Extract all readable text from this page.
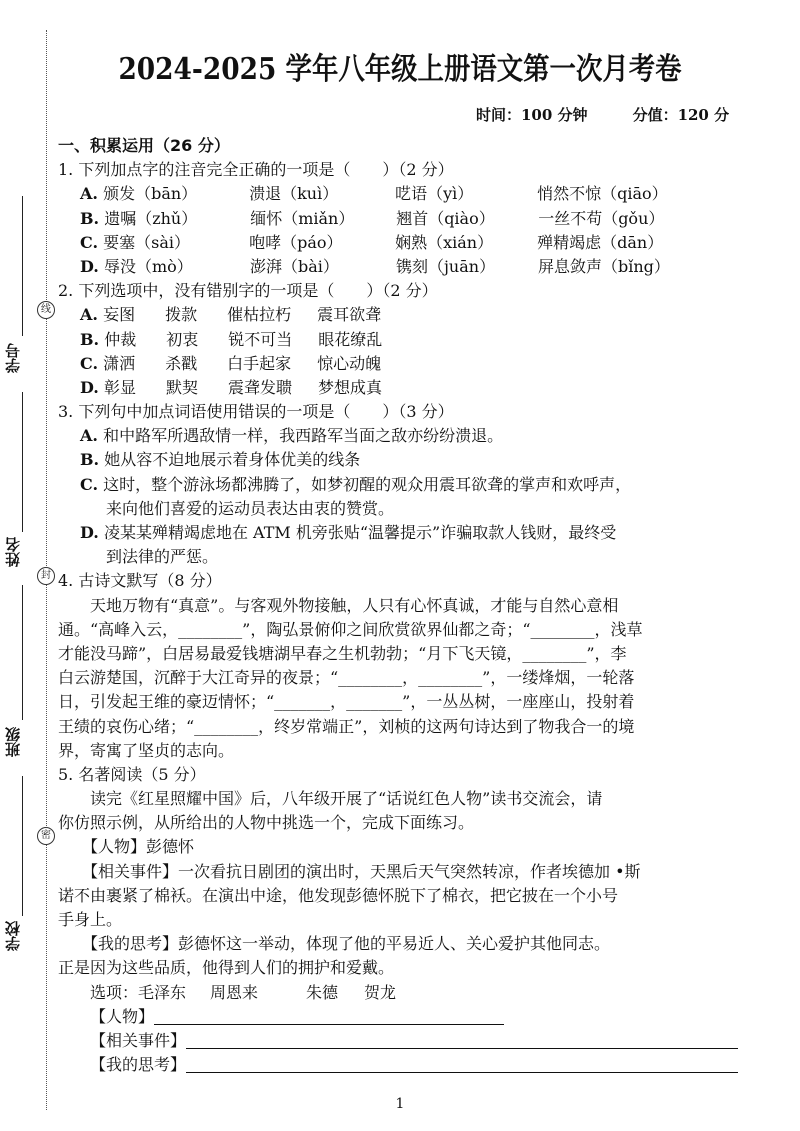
线
封
密
学号
姓名
班级
学校
2024-2025 学年八年级上册语文第一次月考卷
时间：100 分钟　　　	分值：120 分
一、积累运用（26 分）
1. 下列加点字的注音完全正确的一项是（　　）（2 分）
A. 颁发（bān）	溃退（kuì）	呓语（yì）	悄然不惊（qiāo）
B. 遗嘱（zhǔ）	缅怀（miǎn）	翘首（qiào）	一丝不苟（gǒu）
C. 要塞（sài）	咆哮（páo）	娴熟（xián）	殚精竭虑（dān）
D. 辱没（mò）	澎湃（bài）	镌刻（juān）	屏息敛声（bǐng）
2. 下列选项中，没有错别字的一项是（　　）（2 分）
A. 妄图 拨款 催枯拉朽 震耳欲聋
B. 仲裁 初衷 锐不可当 眼花缭乱
C. 潇洒 杀戳 白手起家 惊心动魄
D. 彰显 默契 震聋发聩 梦想成真
3. 下列句中加点词语使用错误的一项是（　　）（3 分）
A. 和中路军所遇敌情一样，我西路军当面之敌亦纷纷溃退。
B. 她从容不迫地展示着身体优美的线条
C. 这时，整个游泳场都沸腾了，如梦初醒的观众用震耳欲聋的掌声和欢呼声，
来向他们喜爱的运动员表达由衷的赞赏。
D. 凌某某殚精竭虑地在 ATM 机旁张贴“温馨提示”诈骗取款人钱财，最终受
到法律的严惩。
4. 古诗文默写（8 分）
　　天地万物有“真意”。与客观外物接触，人只有心怀真诚，才能与自然心意相
通。“高峰入云，________”，陶弘景俯仰之间欣赏欲界仙都之奇；“________，浅草
才能没马蹄”，白居易最爱钱塘湖早春之生机勃勃；“月下飞天镜，________”，李
白云游楚国，沉醉于大江奇异的夜景；“________，________”，一缕烽烟，一轮落
日，引发起王维的豪迈情怀；“_______，_______”，一丛丛树，一座座山，投射着
王绩的哀伤心绪；“________，终岁常端正”，刘桢的这两句诗达到了物我合一的境
界，寄寓了坚贞的志向。
5. 名著阅读（5 分）
　　读完《红星照耀中国》后，八年级开展了“话说红色人物”读书交流会，请
你仿照示例，从所给出的人物中挑选一个，完成下面练习。
　　【人物】彭德怀
　　【相关事件】一次看抗日剧团的演出时，天黑后天气突然转凉，作者埃德加 •斯
诺不由裹紧了棉袄。在演出中途，他发现彭德怀脱下了棉衣，把它披在一个小号
手身上。
　　【我的思考】彭德怀这一举动，体现了他的平易近人、关心爱护其他同志。
正是因为这些品质，他得到人们的拥护和爱戴。
选项：毛泽东 周恩来	朱德 贺龙
【人物】
【相关事件】
【我的思考】
1
